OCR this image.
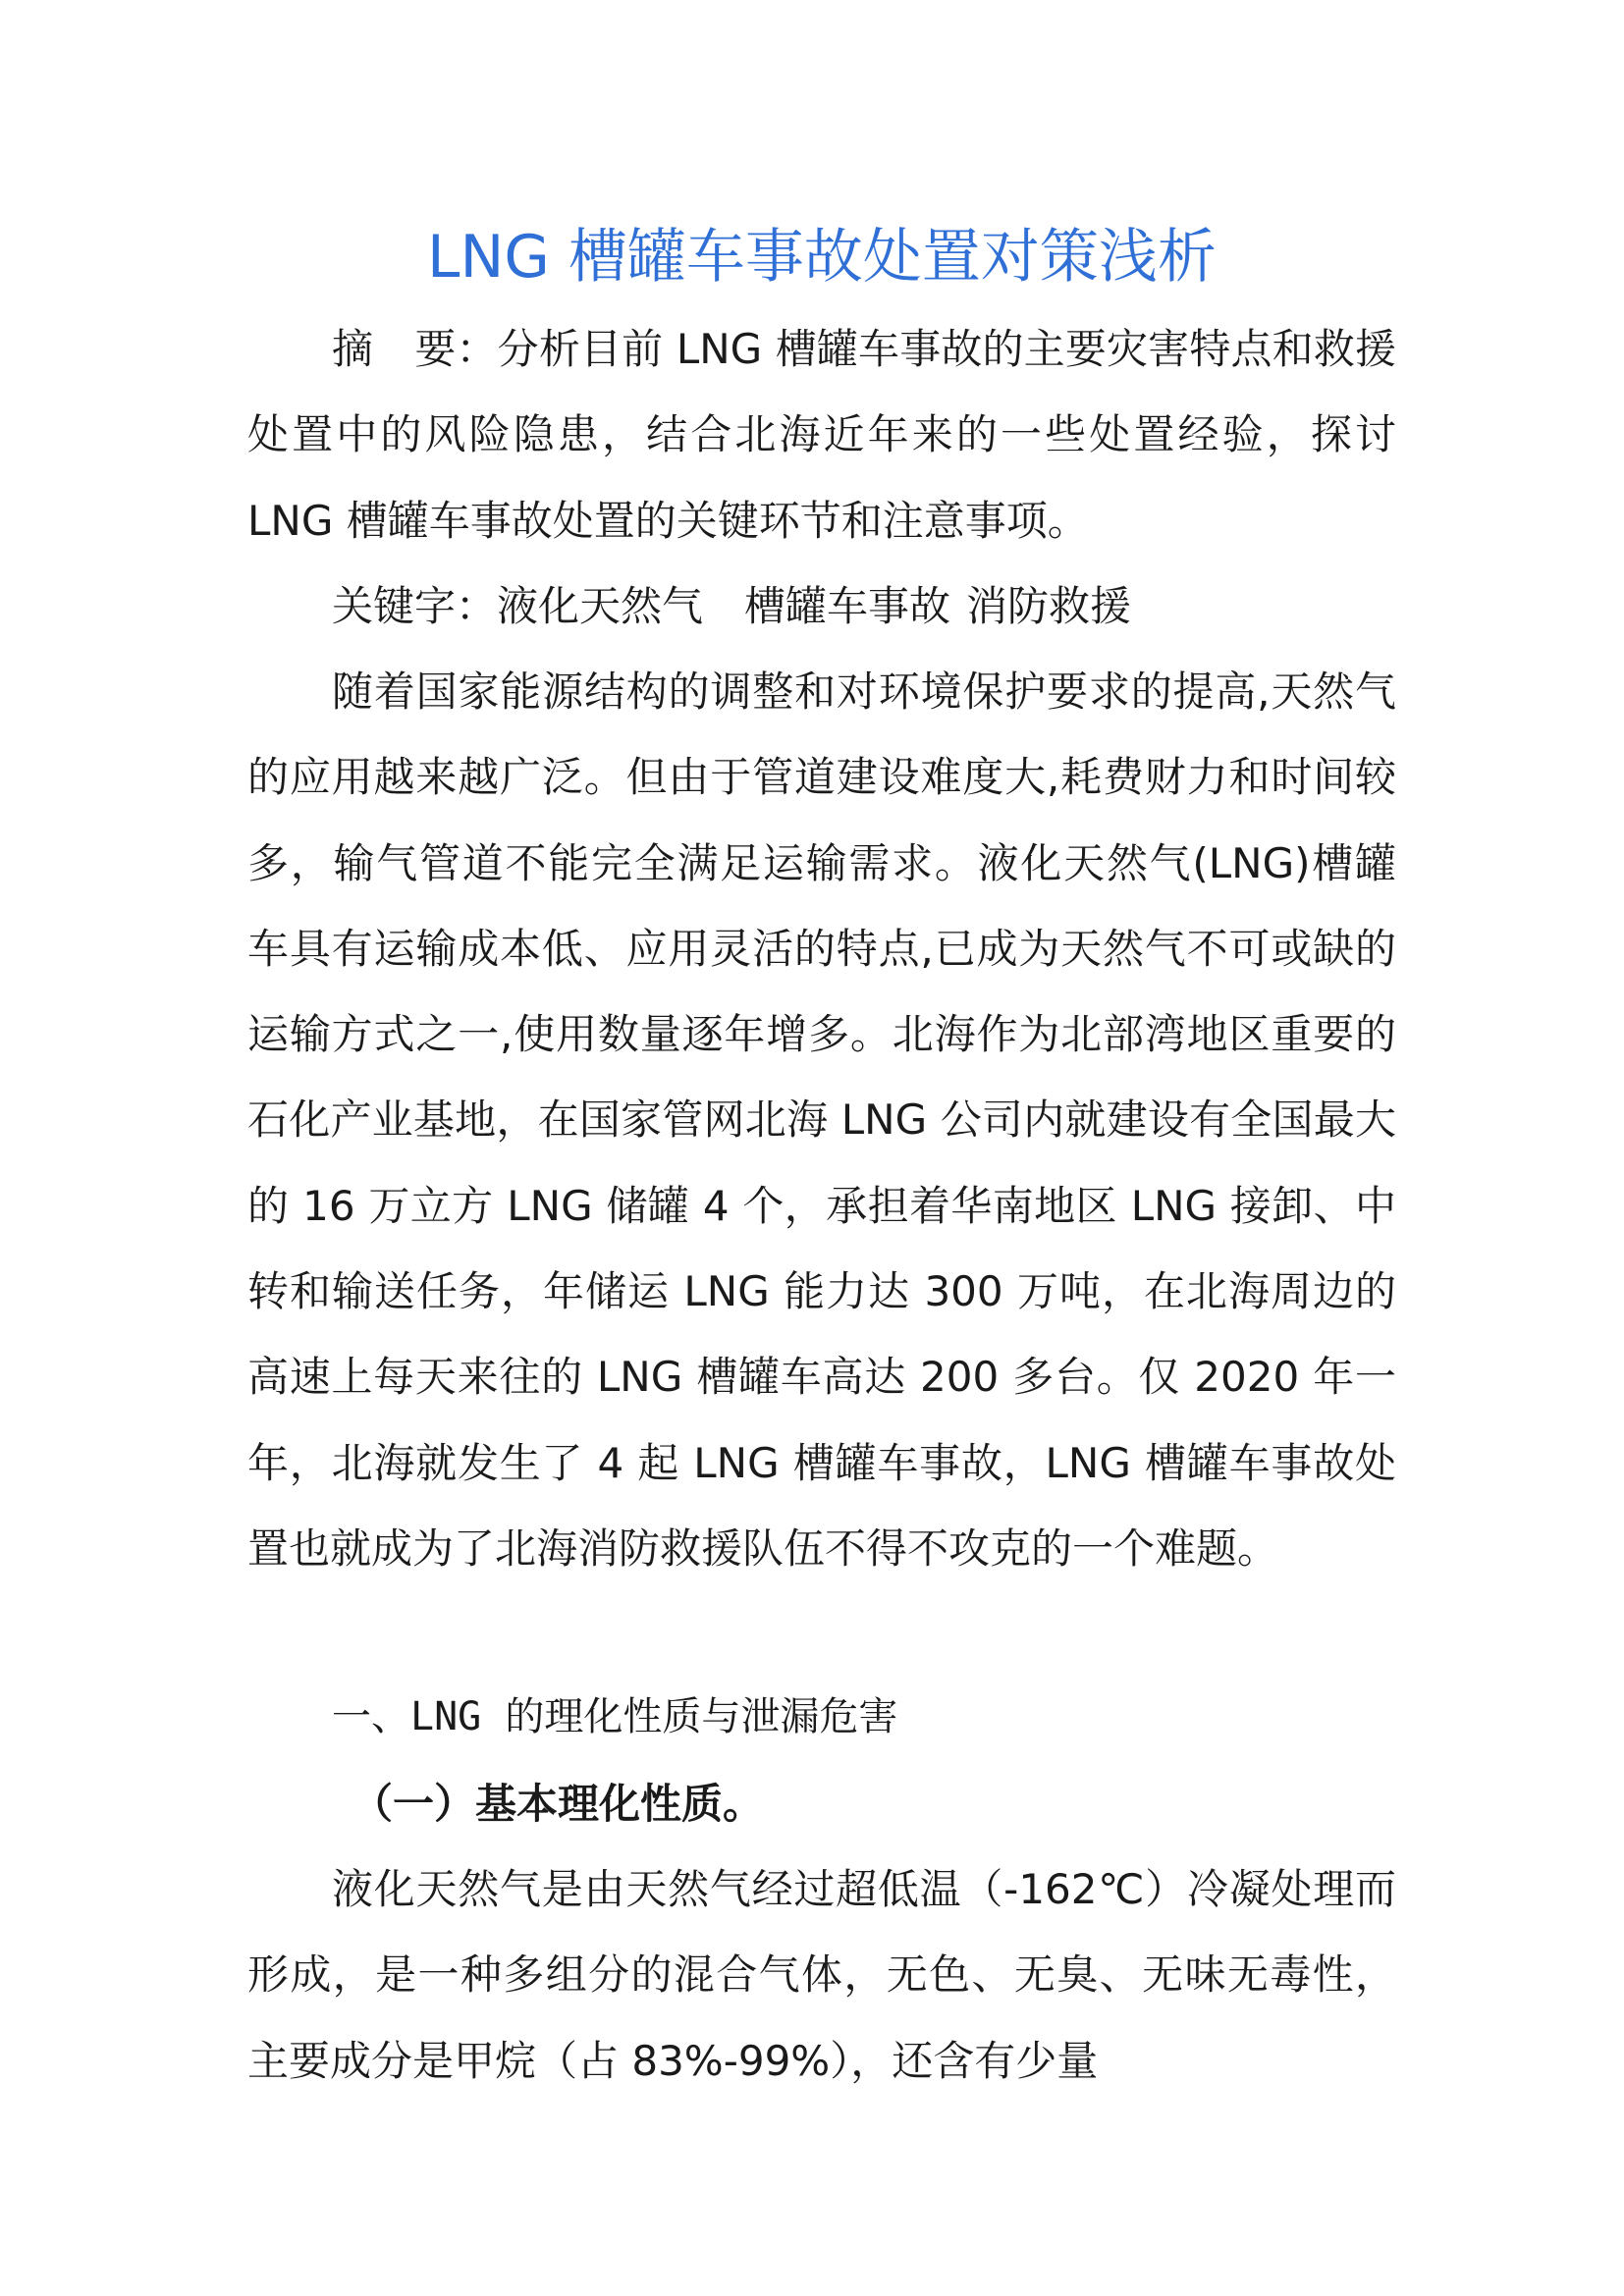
LNG 槽罐车事故处置对策浅析

摘 要：分析目前 LNG 槽罐车事故的主要灾害特点和救援处置中的风险隐患，结合北海近年来的一些处置经验，探讨 LNG 槽罐车事故处置的关键环节和注意事项。

关键字：液化天然气 槽罐车事故 消防救援

随着国家能源结构的调整和对环境保护要求的提高,天然气的应用越来越广泛。但由于管道建设难度大,耗费财力和时间较多，输气管道不能完全满足运输需求。液化天然气(LNG)槽罐车具有运输成本低、应用灵活的特点,已成为天然气不可或缺的运输方式之一,使用数量逐年增多。北海作为北部湾地区重要的石化产业基地，在国家管网北海 LNG 公司内就建设有全国最大的 16 万立方 LNG 储罐 4 个，承担着华南地区 LNG 接卸、中转和输送任务，年储运 LNG 能力达 300 万吨，在北海周边的高速上每天来往的 LNG 槽罐车高达 200 多台。仅 2020 年一年，北海就发生了 4 起 LNG 槽罐车事故，LNG 槽罐车事故处置也就成为了北海消防救援队伍不得不攻克的一个难题。

一、LNG 的理化性质与泄漏危害

（一）基本理化性质。

液化天然气是由天然气经过超低温（-162℃）冷凝处理而形成，是一种多组分的混合气体，无色、无臭、无味无毒性，主要成分是甲烷（占 83%-99%），还含有少量
